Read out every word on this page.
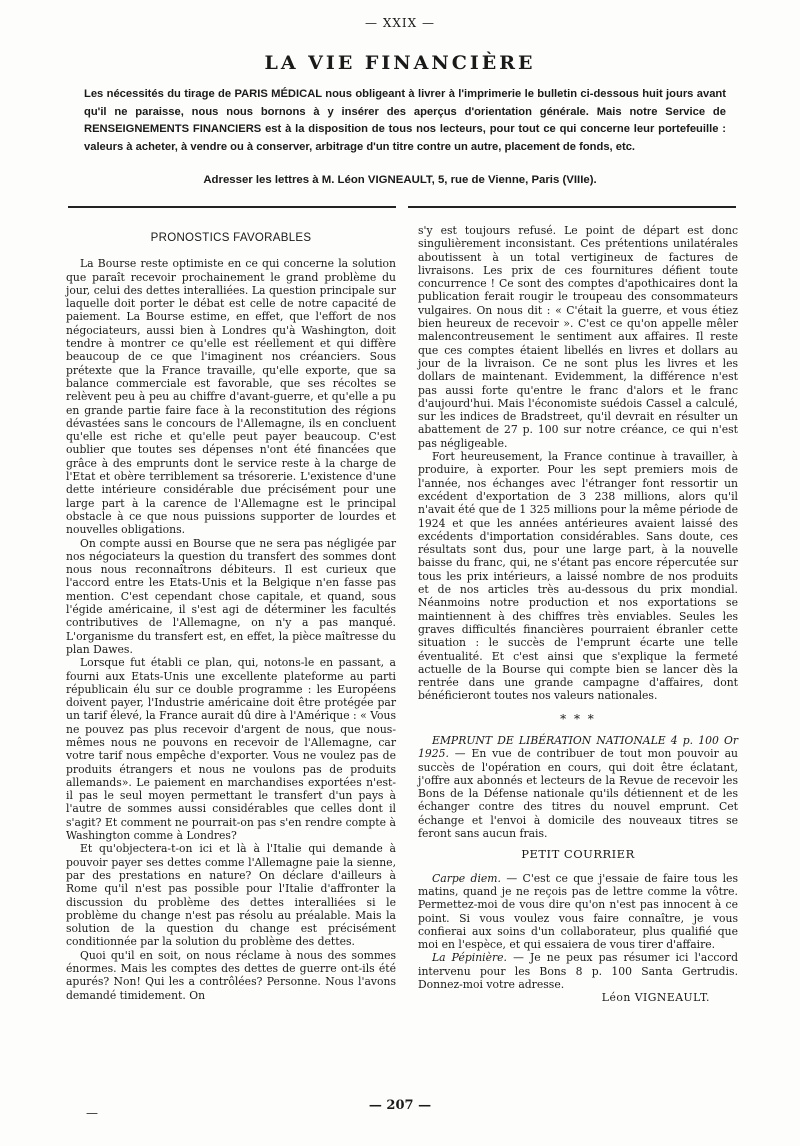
— XXIX —
LA VIE FINANCIÈRE
Les nécessités du tirage de PARIS MÉDICAL nous obligeant à livrer à l'imprimerie le bulletin ci-dessous huit jours avant qu'il ne paraisse, nous nous bornons à y insérer des aperçus d'orientation générale. Mais notre Service de RENSEIGNEMENTS FINANCIERS est à la disposition de tous nos lecteurs, pour tout ce qui concerne leur portefeuille : valeurs à acheter, à vendre ou à conserver, arbitrage d'un titre contre un autre, placement de fonds, etc.
Adresser les lettres à M. Léon VIGNEAULT, 5, rue de Vienne, Paris (VIIIe).
PRONOSTICS FAVORABLES

La Bourse reste optimiste en ce qui concerne la solution que paraît recevoir prochainement le grand problème du jour, celui des dettes interalliées. La question principale sur laquelle doit porter le débat est celle de notre capacité de paiement. La Bourse estime, en effet, que l'effort de nos négociateurs, aussi bien à Londres qu'à Washington, doit tendre à montrer ce qu'elle est réellement et qui diffère beaucoup de ce que l'imaginent nos créanciers. Sous prétexte que la France travaille, qu'elle exporte, que sa balance commerciale est favorable, que ses récoltes se relèvent peu à peu au chiffre d'avant-guerre, et qu'elle a pu en grande partie faire face à la reconstitution des régions dévastées sans le concours de l'Allemagne, ils en concluent qu'elle est riche et qu'elle peut payer beaucoup. C'est oublier que toutes ses dépenses n'ont été financées que grâce à des emprunts dont le service reste à la charge de l'Etat et obère terriblement sa trésorerie. L'existence d'une dette intérieure considérable due précisément pour une large part à la carence de l'Allemagne est le principal obstacle à ce que nous puissions supporter de lourdes et nouvelles obligations.

On compte aussi en Bourse que ne sera pas négligée par nos négociateurs la question du transfert des sommes dont nous nous reconnaîtrons débiteurs. Il est curieux que l'accord entre les Etats-Unis et la Belgique n'en fasse pas mention. C'est cependant chose capitale, et quand, sous l'égide américaine, il s'est agi de déterminer les facultés contributives de l'Allemagne, on n'y a pas manqué. L'organisme du transfert est, en effet, la pièce maîtresse du plan Dawes.

Lorsque fut établi ce plan, qui, notons-le en passant, a fourni aux Etats-Unis une excellente plateforme au parti républicain élu sur ce double programme : les Européens doivent payer, l'Industrie américaine doit être protégée par un tarif élevé, la France aurait dû dire à l'Amérique : « Vous ne pouvez pas plus recevoir d'argent de nous, que nous-mêmes nous ne pouvons en recevoir de l'Allemagne, car votre tarif nous empêche d'exporter. Vous ne voulez pas de produits étrangers et nous ne voulons pas de produits allemands». Le paiement en marchandises exportées n'est-il pas le seul moyen permettant le transfert d'un pays à l'autre de sommes aussi considérables que celles dont il s'agit? Et comment ne pourrait-on pas s'en rendre compte à Washington comme à Londres?

Et qu'objectera-t-on ici et là à l'Italie qui demande à pouvoir payer ses dettes comme l'Allemagne paie la sienne, par des prestations en nature? On déclare d'ailleurs à Rome qu'il n'est pas possible pour l'Italie d'affronter la discussion du problème des dettes interalliées si le problème du change n'est pas résolu au préalable. Mais la solution de la question du change est précisément conditionnée par la solution du problème des dettes.

Quoi qu'il en soit, on nous réclame à nous des sommes énormes. Mais les comptes des dettes de guerre ont-ils été apurés? Non! Qui les a contrôlées? Personne. Nous l'avons demandé timidement. On

s'y est toujours refusé. Le point de départ est donc singulièrement inconsistant. Ces prétentions unilatérales aboutissent à un total vertigineux de factures de livraisons. Les prix de ces fournitures défient toute concurrence ! Ce sont des comptes d'apothicaires dont la publication ferait rougir le troupeau des consommateurs vulgaires. On nous dit : « C'était la guerre, et vous étiez bien heureux de recevoir ». C'est ce qu'on appelle mêler malencontreusement le sentiment aux affaires. Il reste que ces comptes étaient libellés en livres et dollars au jour de la livraison. Ce ne sont plus les livres et les dollars de maintenant. Evidemment, la différence n'est pas aussi forte qu'entre le franc d'alors et le franc d'aujourd'hui. Mais l'économiste suédois Cassel a calculé, sur les indices de Bradstreet, qu'il devrait en résulter un abattement de 27 p. 100 sur notre créance, ce qui n'est pas négligeable.

Fort heureusement, la France continue à travailler, à produire, à exporter. Pour les sept premiers mois de l'année, nos échanges avec l'étranger font ressortir un excédent d'exportation de 3 238 millions, alors qu'il n'avait été que de 1 325 millions pour la même période de 1924 et que les années antérieures avaient laissé des excédents d'importation considérables. Sans doute, ces résultats sont dus, pour une large part, à la nouvelle baisse du franc, qui, ne s'étant pas encore répercutée sur tous les prix intérieurs, a laissé nombre de nos produits et de nos articles très au-dessous du prix mondial. Néanmoins notre production et nos exportations se maintiennent à des chiffres très enviables. Seules les graves difficultés financières pourraient ébranler cette situation : le succès de l'emprunt écarte une telle éventualité. Et c'est ainsi que s'explique la fermeté actuelle de la Bourse qui compte bien se lancer dès la rentrée dans une grande campagne d'affaires, dont bénéficieront toutes nos valeurs nationales.

* * *

EMPRUNT DE LIBÉRATION NATIONALE 4 p. 100 Or 1925. — En vue de contribuer de tout mon pouvoir au succès de l'opération en cours, qui doit être éclatant, j'offre aux abonnés et lecteurs de la Revue de recevoir les Bons de la Défense nationale qu'ils détiennent et de les échanger contre des titres du nouvel emprunt. Cet échange et l'envoi à domicile des nouveaux titres se feront sans aucun frais.

PETIT COURRIER

Carpe diem. — C'est ce que j'essaie de faire tous les matins, quand je ne reçois pas de lettre comme la vôtre. Permettez-moi de vous dire qu'on n'est pas innocent à ce point. Si vous voulez vous faire connaître, je vous confierai aux soins d'un collaborateur, plus qualifié que moi en l'espèce, et qui essaiera de vous tirer d'affaire.

La Pépinière. — Je ne peux pas résumer ici l'accord intervenu pour les Bons 8 p. 100 Santa Gertrudis. Donnez-moi votre adresse.

Léon VIGNEAULT.
—	— 207 —
